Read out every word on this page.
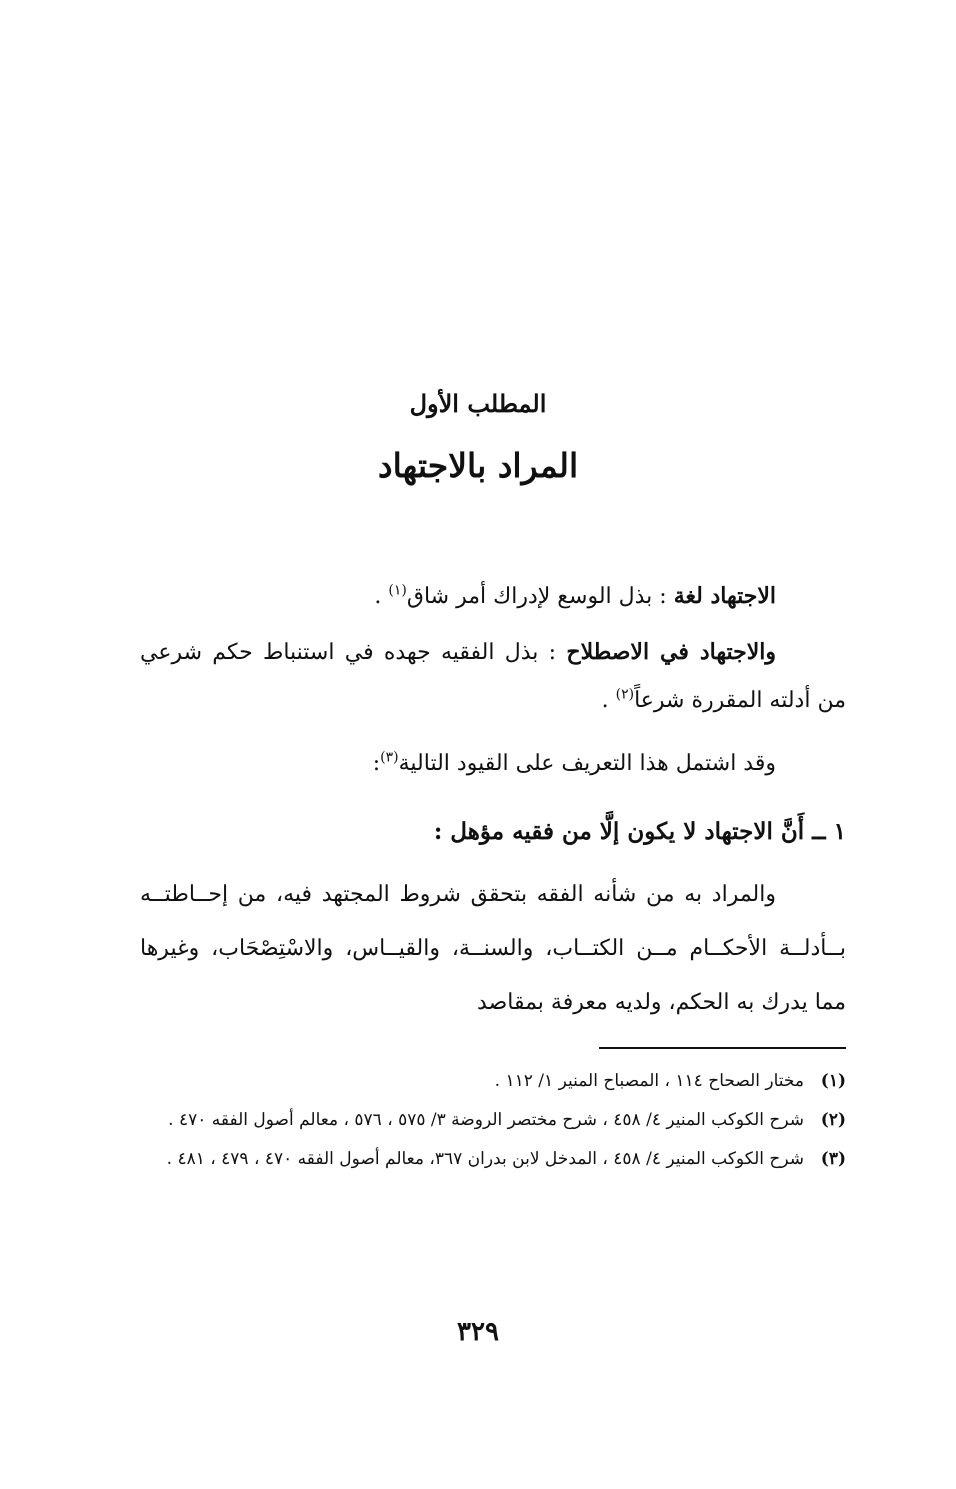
المطلب الأول
المراد بالاجتهاد
الاجتهاد لغة : بذل الوسع لإدراك أمر شاق$^{(١)}$ .
والاجتهاد في الاصطلاح : بذل الفقيه جهده في استنباط حكم شرعي من أدلته المقررة شرعاً$^{(٢)}$ .
وقد اشتمل هذا التعريف على القيود التالية$^{(٣)}$:
١ ــ أَنَّ الاجتهاد لا يكون إلَّا من فقيه مؤهل :
والمراد به من شأنه الفقه بتحقق شروط المجتهد فيه، من إحــاطتــه بــأدلــة الأحكــام مــن الكتــاب، والسنــة، والقيــاس، والاسْتِصْحَاب، وغيرها مما يدرك به الحكم، ولديه معرفة بمقاصد
(١)
مختار الصحاح ١١٤ ، المصباح المنير ١/ ١١٢ .
(٢)
شرح الكوكب المنير ٤/ ٤٥٨ ، شرح مختصر الروضة ٣/ ٥٧٥ ، ٥٧٦ ، معالم أصول الفقه ٤٧٠ .
(٣)
شرح الكوكب المنير ٤/ ٤٥٨ ، المدخل لابن بدران ٣٦٧، معالم أصول الفقه ٤٧٠ ، ٤٧٩ ، ٤٨١ .
٣٢٩
